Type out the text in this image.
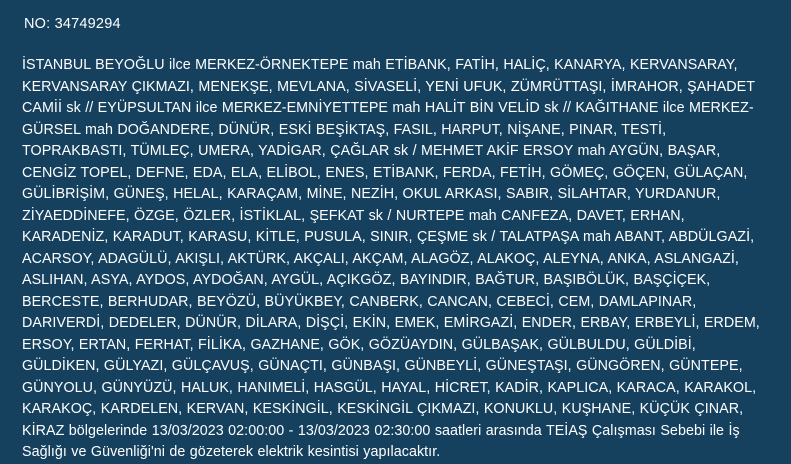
NO: 34749294
İSTANBUL BEYOĞLU ilce MERKEZ-ÖRNEKTEPE mah ETİBANK, FATİH, HALİÇ, KANARYA, KERVANSARAY, KERVANSARAY ÇIKMAZI, MENEKŞE, MEVLANA, SİVASELİ, YENİ UFUK, ZÜMRÜTTAŞI, İMRAHOR, ŞAHADET CAMİİ sk // EYÜPSULTAN ilce MERKEZ-EMNİYETTEPE mah HALİT BİN VELİD sk // KAĞITHANE ilce MERKEZ-GÜRSEL mah DOĞANDERE, DÜNÜR, ESKİ BEŞİKTAŞ, FASIL, HARPUT, NİŞANE, PINAR, TESTİ, TOPRAKBASTI, TÜMLEÇ, UMERA, YADİGAR, ÇAĞLAR sk / MEHMET AKİF ERSOY mah AYGÜN, BAŞAR, CENGİZ TOPEL, DEFNE, EDA, ELA, ELİBOL, ENES, ETİBANK, FERDA, FETİH, GÖMEÇ, GÖÇEN, GÜLAÇAN, GÜLİBRİŞİM, GÜNEŞ, HELAL, KARAÇAM, MİNE, NEZİH, OKUL ARKASI, SABIR, SİLAHTAR, YURDANUR, ZİYAEDDİNEFE, ÖZGE, ÖZLER, İSTİKLAL, ŞEFKAT sk / NURTEPE mah CANFEZA, DAVET, ERHAN, KARADENİZ, KARADUT, KARASU, KİTLE, PUSULA, SINIR, ÇEŞME sk / TALATPAŞA mah ABANT, ABDÜLGAZİ, ACARSOY, ADAGÜLÜ, AKIŞLI, AKTÜRK, AKÇALI, AKÇAM, ALAGÖZ, ALAKOÇ, ALEYNA, ANKA, ASLANGAZİ, ASLIHAN, ASYA, AYDOS, AYDOĞAN, AYGÜL, AÇIKGÖZ, BAYINDIR, BAĞTUR, BAŞIBÖLÜK, BAŞÇİÇEK, BERCESTE, BERHUDAR, BEYÖZÜ, BÜYÜKBEY, CANBERK, CANCAN, CEBECİ, CEM, DAMLAPINAR, DARIVERDİ, DEDELER, DÜNÜR, DİLARA, DİŞÇİ, EKİN, EMEK, EMİRGAZİ, ENDER, ERBAY, ERBEYLİ, ERDEM, ERSOY, ERTAN, FERHAT, FİLİKA, GAZHANE, GÖK, GÖZÜAYDIN, GÜLBAŞAK, GÜLBULDU, GÜLDİBİ, GÜLDİKEN, GÜLYAZI, GÜLÇAVUŞ, GÜNAÇTI, GÜNBAŞI, GÜNBEYLİ, GÜNEŞTAŞI, GÜNGÖREN, GÜNTEPE, GÜNYOLU, GÜNYÜZÜ, HALUK, HANIMELİ, HASGÜL, HAYAL, HİCRET, KADİR, KAPLICA, KARACA, KARAKOL, KARAKOÇ, KARDELEN, KERVAN, KESKİNGİL, KESKİNGİL ÇIKMAZI, KONUKLU, KUŞHANE, KÜÇÜK ÇINAR, KİRAZ bölgelerinde 13/03/2023 02:00:00 - 13/03/2023 02:30:00 saatleri arasında TEİAŞ Çalışması Sebebi ile İş Sağlığı ve Güvenliği'ni de gözeterek elektrik kesintisi yapılacaktır.
